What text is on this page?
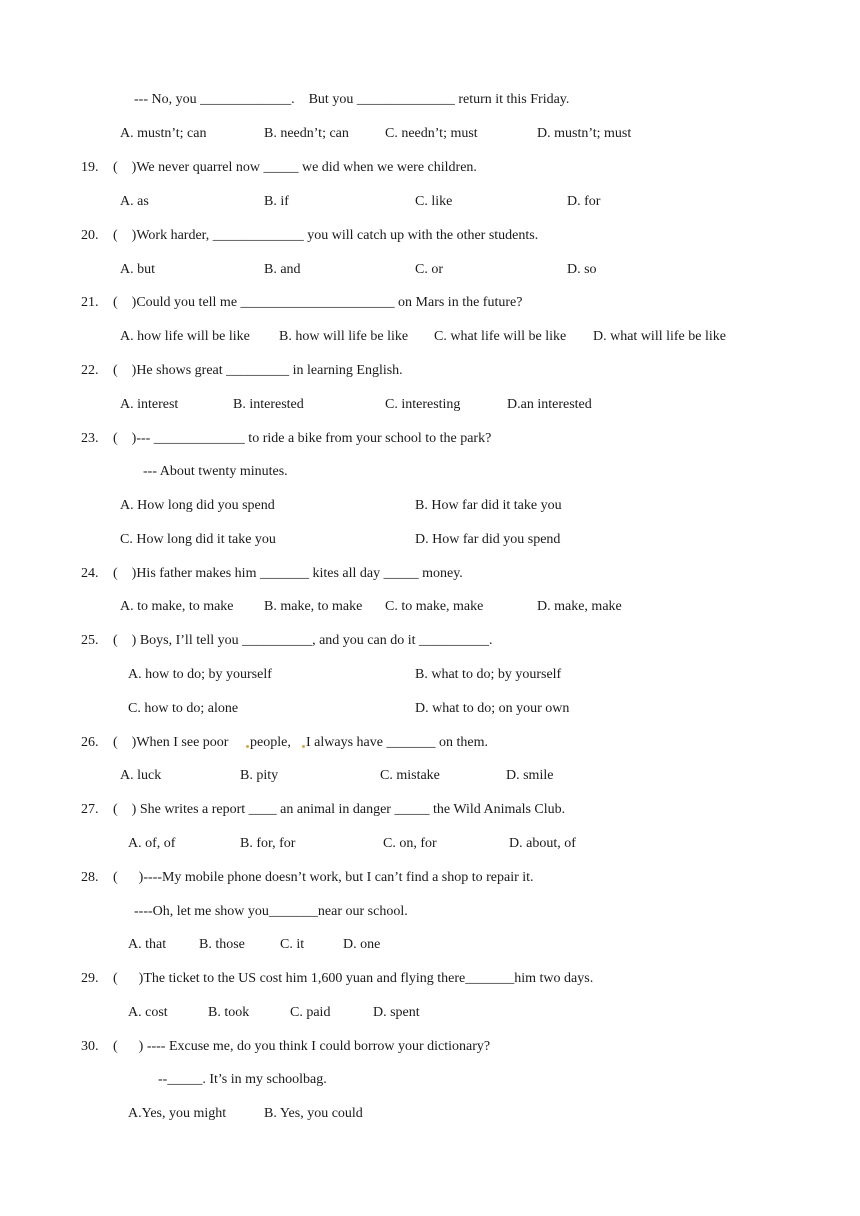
--- No, you _____________.    But you ______________ return it this Friday.
A. mustn’t; can	B. needn’t; can	C. needn’t; must	D. mustn’t; must
19. (    )We never quarrel now _____ we did when we were children.
A. as	B. if	C. like	D. for
20. (    )Work harder, _____________ you will catch up with the other students.
A. but	B. and	C. or	D. so
21. (    )Could you tell me ______________________ on Mars in the future?
A. how life will be like B. how will life be like C. what life will be like D. what will life be like
22. (    )He shows great _________ in learning English.
A. interest	B. interested	C. interesting	D.an interested
23. (    )--- _____________ to ride a bike from your school to the park?
--- About twenty minutes.
A. How long did you spend	B. How far did it take you
C. How long did it take you	D. How far did you spend
24. (    )His father makes him _______ kites all day _____ money.
A. to make, to make B. make, to make C. to make, make	D. make, make
25. (    ) Boys, I’ll tell you __________, and you can do it __________.
A. how to do; by yourself	B. what to do; by yourself
C. how to do; alone	D. what to do; on your own
26. (    )When I see poor people, I always have _______ on them.
A. luck	B. pity	C. mistake	D. smile
27. (    ) She writes a report ____ an animal in danger _____ the Wild Animals Club.
A. of, of	B. for, for	C. on, for	D. about, of
28. (      )----My mobile phone doesn’t work, but I can’t find a shop to repair it.
----Oh, let me show you_______near our school.
A. that B. those	C. it	D. one
29. (      )The ticket to the US cost him 1,600 yuan and flying there_______him two days.
A. cost	B. took	C. paid	D. spent
30. (      ) ---- Excuse me, do you think I could borrow your dictionary?
--_____. It’s in my schoolbag.
A.Yes, you might	B. Yes, you could
